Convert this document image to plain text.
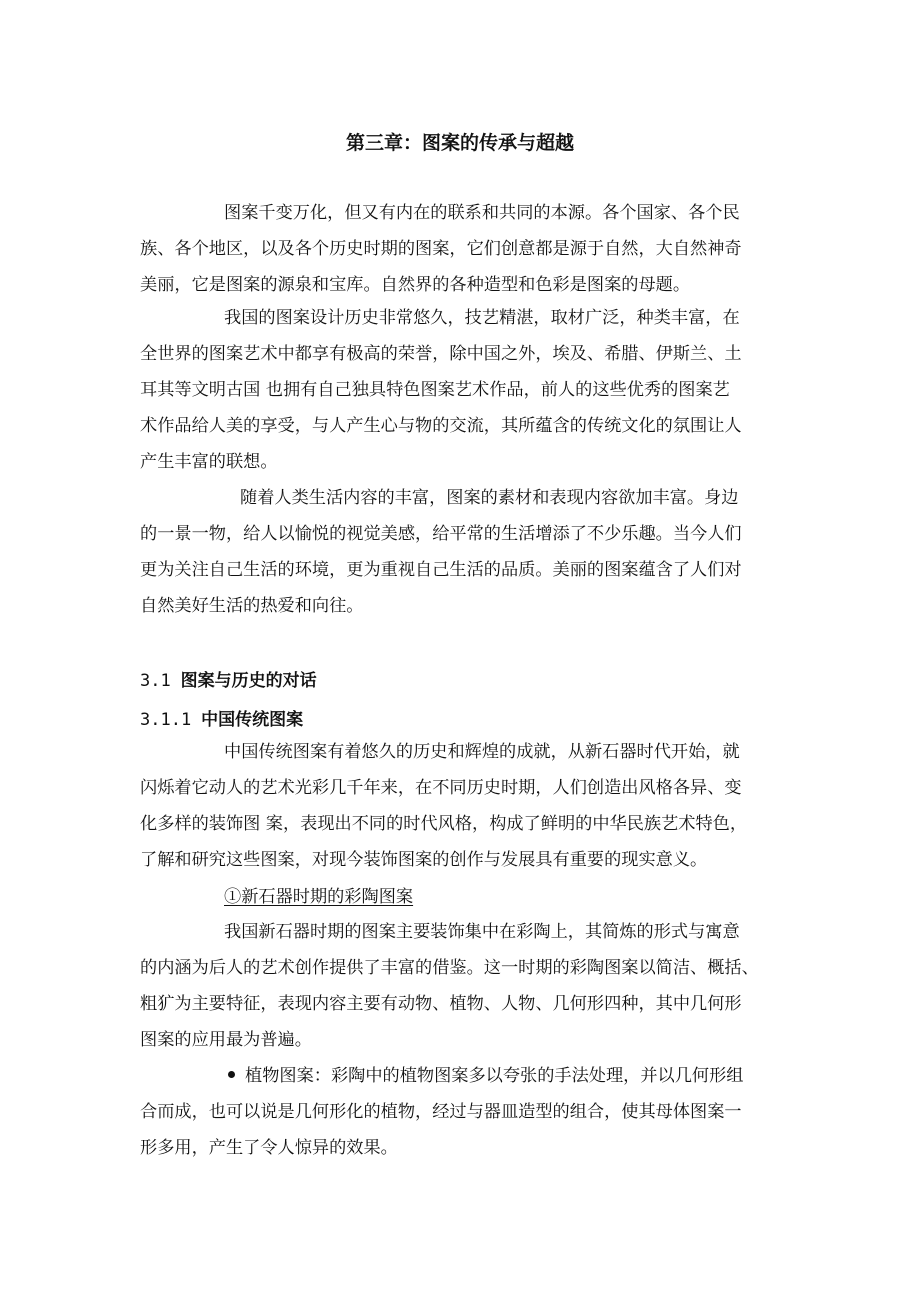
第三章：图案的传承与超越

图案千变万化，但又有内在的联系和共同的本源。各个国家、各个民
族、各个地区，以及各个历史时期的图案，它们创意都是源于自然，大自然神奇
美丽，它是图案的源泉和宝库。自然界的各种造型和色彩是图案的母题。

我国的图案设计历史非常悠久，技艺精湛，取材广泛，种类丰富，在
全世界的图案艺术中都享有极高的荣誉，除中国之外，埃及、希腊、伊斯兰、土
耳其等文明古国 也拥有自己独具特色图案艺术作品，前人的这些优秀的图案艺
术作品给人美的享受，与人产生心与物的交流，其所蕴含的传统文化的氛围让人
产生丰富的联想。

随着人类生活内容的丰富，图案的素材和表现内容欲加丰富。身边
的一景一物，给人以愉悦的视觉美感，给平常的生活增添了不少乐趣。当今人们
更为关注自己生活的环境，更为重视自己生活的品质。美丽的图案蕴含了人们对
自然美好生活的热爱和向往。

3.1 图案与历史的对话
3.1.1 中国传统图案

中国传统图案有着悠久的历史和辉煌的成就，从新石器时代开始，就
闪烁着它动人的艺术光彩几千年来，在不同历史时期，人们创造出风格各异、变
化多样的装饰图 案，表现出不同的时代风格，构成了鲜明的中华民族艺术特色，
了解和研究这些图案，对现今装饰图案的创作与发展具有重要的现实意义。

①新石器时期的彩陶图案

我国新石器时期的图案主要装饰集中在彩陶上，其简炼的形式与寓意
的内涵为后人的艺术创作提供了丰富的借鉴。这一时期的彩陶图案以简洁、概括、
粗犷为主要特征，表现内容主要有动物、植物、人物、几何形四种，其中几何形
图案的应用最为普遍。

植物图案：彩陶中的植物图案多以夸张的手法处理，并以几何形组
合而成，也可以说是几何形化的植物，经过与器皿造型的组合，使其母体图案一
形多用，产生了令人惊异的效果。
